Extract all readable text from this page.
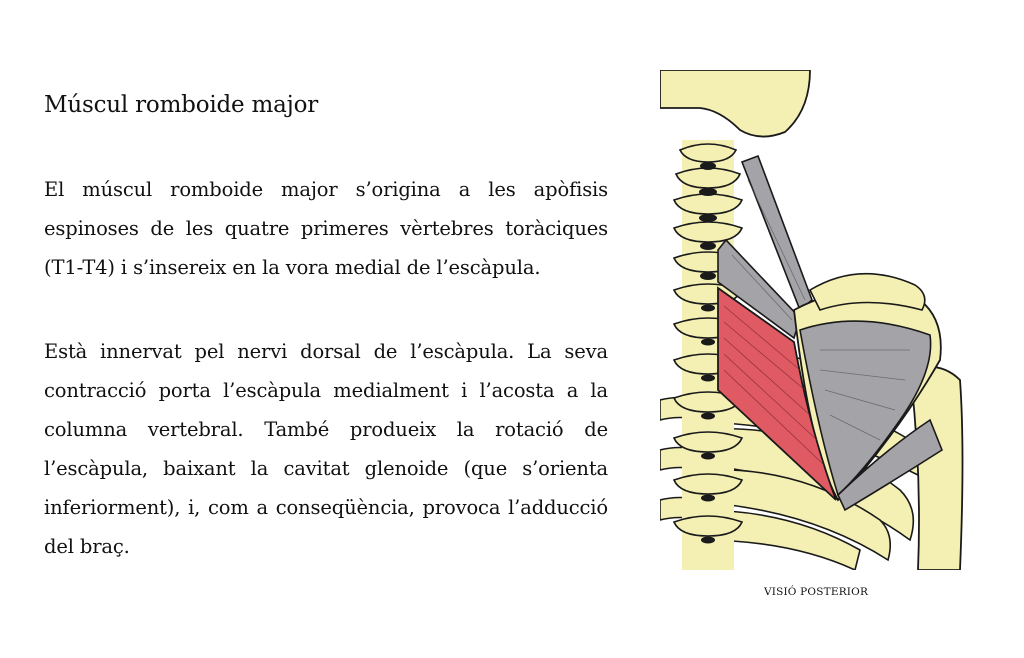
Múscul romboide major

El múscul romboide major s’origina a les apòfisis espinoses de les quatre primeres vèrtebres toràciques (T1-T4) i s’insereix en la vora medial de l’escàpula.

Està innervat pel nervi dorsal de l’escàpula. La seva contracció porta l’escàpula medialment i l’acosta a la columna vertebral. També produeix la rotació de l’escàpula, baixant la cavitat glenoide (que s’orienta inferiorment), i, com a conseqüència, provoca l’adducció del braç.

VISIÓ POSTERIOR
